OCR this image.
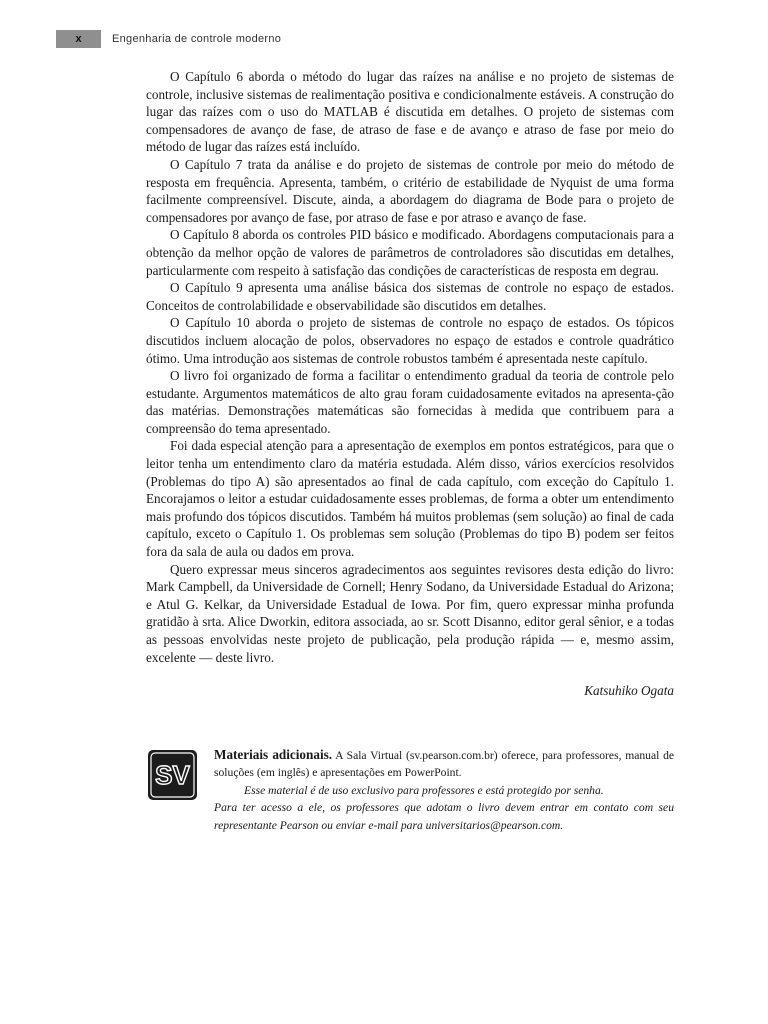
x	Engenharia de controle moderno

O Capítulo 6 aborda o método do lugar das raízes na análise e no projeto de sistemas de controle, inclusive sistemas de realimentação positiva e condicionalmente estáveis. A construção do lugar das raízes com o uso do MATLAB é discutida em detalhes. O projeto de sistemas com compensadores de avanço de fase, de atraso de fase e de avanço e atraso de fase por meio do método de lugar das raízes está incluído.

O Capítulo 7 trata da análise e do projeto de sistemas de controle por meio do método de resposta em frequência. Apresenta, também, o critério de estabilidade de Nyquist de uma forma facilmente compreensível. Discute, ainda, a abordagem do diagrama de Bode para o projeto de compensadores por avanço de fase, por atraso de fase e por atraso e avanço de fase.

O Capítulo 8 aborda os controles PID básico e modificado. Abordagens computacionais para a obtenção da melhor opção de valores de parâmetros de controladores são discutidas em detalhes, particularmente com respeito à satisfação das condições de características de resposta em degrau.

O Capítulo 9 apresenta uma análise básica dos sistemas de controle no espaço de estados. Conceitos de controlabilidade e observabilidade são discutidos em detalhes.

O Capítulo 10 aborda o projeto de sistemas de controle no espaço de estados. Os tópicos discutidos incluem alocação de polos, observadores no espaço de estados e controle quadrático ótimo. Uma introdução aos sistemas de controle robustos também é apresentada neste capítulo.

O livro foi organizado de forma a facilitar o entendimento gradual da teoria de controle pelo estudante. Argumentos matemáticos de alto grau foram cuidadosamente evitados na apresenta-ção das matérias. Demonstrações matemáticas são fornecidas à medida que contribuem para a compreensão do tema apresentado.

Foi dada especial atenção para a apresentação de exemplos em pontos estratégicos, para que o leitor tenha um entendimento claro da matéria estudada. Além disso, vários exercícios resolvidos (Problemas do tipo A) são apresentados ao final de cada capítulo, com exceção do Capítulo 1. Encorajamos o leitor a estudar cuidadosamente esses problemas, de forma a obter um entendimento mais profundo dos tópicos discutidos. Também há muitos problemas (sem solução) ao final de cada capítulo, exceto o Capítulo 1. Os problemas sem solução (Problemas do tipo B) podem ser feitos fora da sala de aula ou dados em prova.

Quero expressar meus sinceros agradecimentos aos seguintes revisores desta edição do livro: Mark Campbell, da Universidade de Cornell; Henry Sodano, da Universidade Estadual do Arizona; e Atul G. Kelkar, da Universidade Estadual de Iowa. Por fim, quero expressar minha profunda gratidão à srta. Alice Dworkin, editora associada, ao sr. Scott Disanno, editor geral sênior, e a todas as pessoas envolvidas neste projeto de publicação, pela produção rápida — e, mesmo assim, excelente — deste livro.

Katsuhiko Ogata
SV
Materiais adicionais. A Sala Virtual (sv.pearson.com.br) oferece, para professores, manual de soluções (em inglês) e apresentações em PowerPoint.
Esse material é de uso exclusivo para professores e está protegido por senha.
Para ter acesso a ele, os professores que adotam o livro devem entrar em contato com seu representante Pearson ou enviar e-mail para universitarios@pearson.com.
